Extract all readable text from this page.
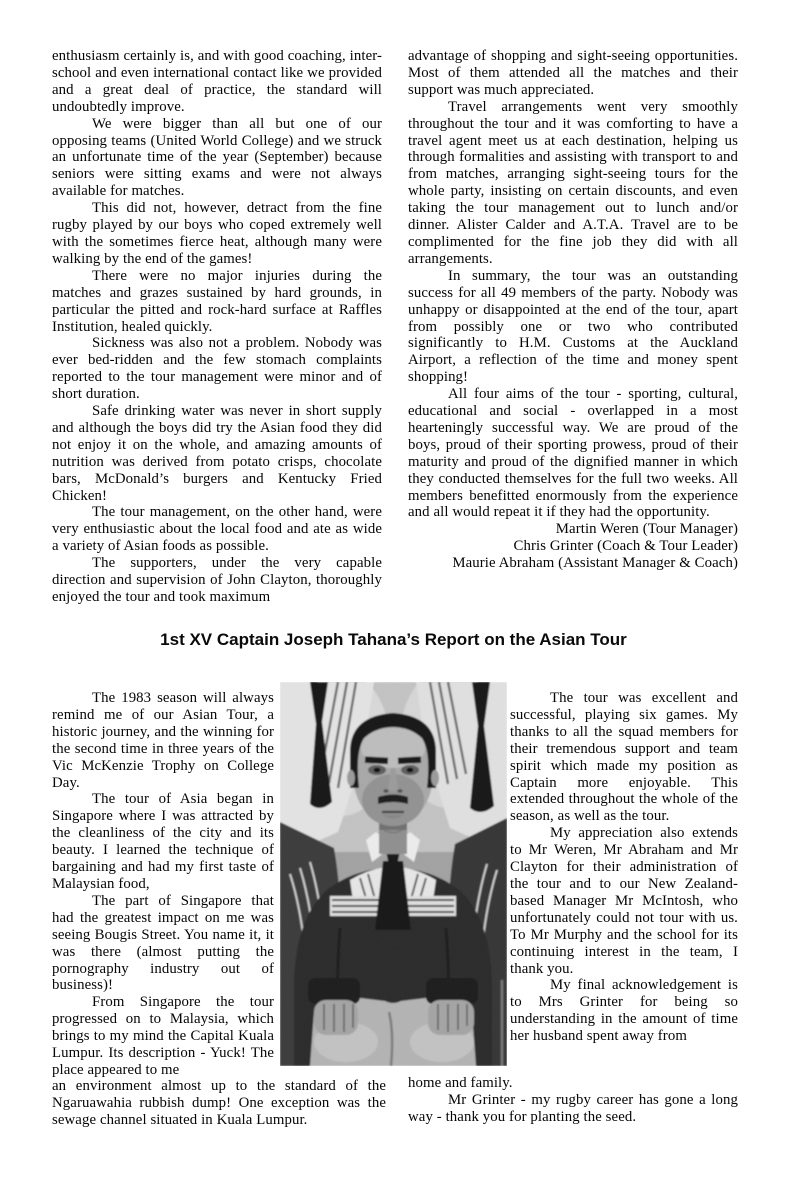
enthusiasm certainly is, and with good coaching, inter-school and even international contact like we provided and a great deal of practice, the standard will undoubtedly improve.

We were bigger than all but one of our opposing teams (United World College) and we struck an unfortunate time of the year (September) because seniors were sitting exams and were not always available for matches.

This did not, however, detract from the fine rugby played by our boys who coped extremely well with the sometimes fierce heat, although many were walking by the end of the games!

There were no major injuries during the matches and grazes sustained by hard grounds, in particular the pitted and rock-hard surface at Raffles Institution, healed quickly.

Sickness was also not a problem. Nobody was ever bed-ridden and the few stomach complaints reported to the tour management were minor and of short duration.

Safe drinking water was never in short supply and although the boys did try the Asian food they did not enjoy it on the whole, and amazing amounts of nutrition was derived from potato crisps, chocolate bars, McDonald’s burgers and Kentucky Fried Chicken!

The tour management, on the other hand, were very enthusiastic about the local food and ate as wide a variety of Asian foods as possible.

The supporters, under the very capable direction and supervision of John Clayton, thoroughly enjoyed the tour and took maximum

advantage of shopping and sight-seeing opportunities. Most of them attended all the matches and their support was much appreciated.

Travel arrangements went very smoothly throughout the tour and it was comforting to have a travel agent meet us at each destination, helping us through formalities and assisting with transport to and from matches, arranging sight-seeing tours for the whole party, insisting on certain discounts, and even taking the tour management out to lunch and/or dinner. Alister Calder and A.T.A. Travel are to be complimented for the fine job they did with all arrangements.

In summary, the tour was an outstanding success for all 49 members of the party. Nobody was unhappy or disappointed at the end of the tour, apart from possibly one or two who contributed significantly to H.M. Customs at the Auckland Airport, a reflection of the time and money spent shopping!

All four aims of the tour - sporting, cultural, educational and social - overlapped in a most hearteningly successful way. We are proud of the boys, proud of their sporting prowess, proud of their maturity and proud of the dignified manner in which they conducted themselves for the full two weeks. All members benefitted enormously from the experience and all would repeat it if they had the opportunity.

Martin Weren (Tour Manager)

Chris Grinter (Coach & Tour Leader)

Maurie Abraham (Assistant Manager & Coach)

1st XV Captain Joseph Tahana’s Report on the Asian Tour

The 1983 season will always remind me of our Asian Tour, a historic journey, and the winning for the second time in three years of the Vic McKenzie Trophy on College Day.

The tour of Asia began in Singapore where I was attracted by the cleanliness of the city and its beauty. I learned the technique of bargaining and had my first taste of Malaysian food,

The part of Singapore that had the greatest impact on me was seeing Bougis Street. You name it, it was there (almost putting the pornography industry out of business)!

From Singapore the tour progressed on to Malaysia, which brings to my mind the Capital Kuala Lumpur. Its description - Yuck! The place appeared to me

The tour was excellent and successful, playing six games. My thanks to all the squad members for their tremendous support and team spirit which made my position as Captain more enjoyable. This extended throughout the whole of the season, as well as the tour.

My appreciation also extends to Mr Weren, Mr Abraham and Mr Clayton for their administration of the tour and to our New Zealand-based Manager Mr McIntosh, who unfortunately could not tour with us. To Mr Murphy and the school for its continuing interest in the team, I thank you.

My final acknowledgement is to Mrs Grinter for being so understanding in the amount of time her husband spent away from

an environment almost up to the standard of the Ngaruawahia rubbish dump! One exception was the sewage channel situated in Kuala Lumpur.

home and family.

Mr Grinter - my rugby career has gone a long way - thank you for planting the seed.
